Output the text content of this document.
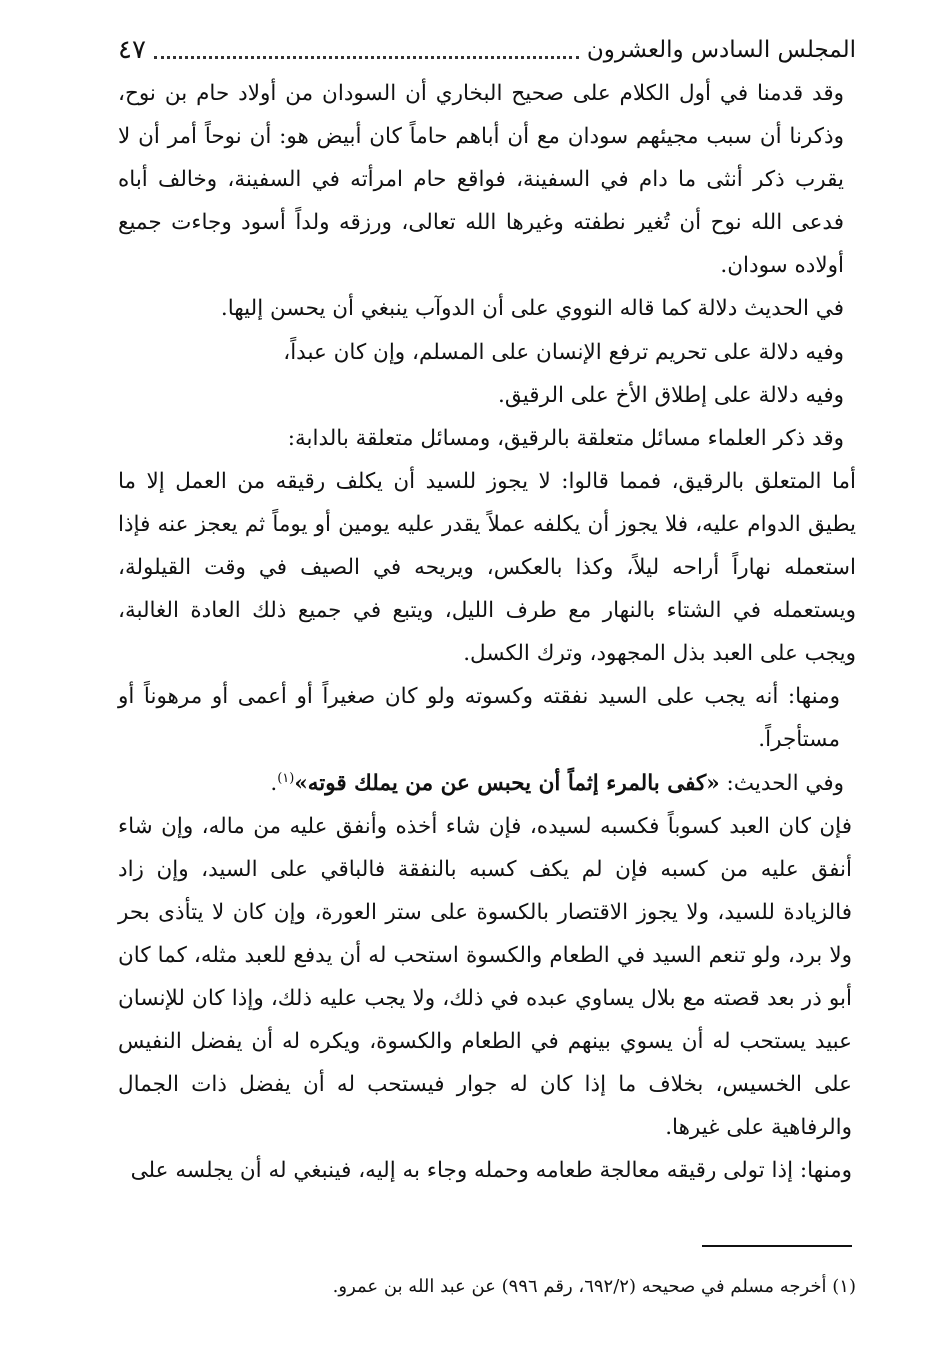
المجلس السادس والعشرون
٤٧

وقد قدمنا في أول الكلام على صحيح البخاري أن السودان من أولاد حام بن نوح، وذكرنا أن سبب مجيئهم سودان مع أن أباهم حاماً كان أبيض هو: أن نوحاً أمر أن لا يقرب ذكر أنثى ما دام في السفينة، فواقع حام امرأته في السفينة، وخالف أباه فدعى الله نوح أن تُغير نطفته وغيرها الله تعالى، ورزقه ولداً أسود وجاءت جميع أولاده سودان.

في الحديث دلالة كما قاله النووي على أن الدوآب ينبغي أن يحسن إليها.

وفيه دلالة على تحريم ترفع الإنسان على المسلم، وإن كان عبداً،

وفيه دلالة على إطلاق الأخ على الرقيق.

وقد ذكر العلماء مسائل متعلقة بالرقيق، ومسائل متعلقة بالدابة:

أما المتعلق بالرقيق، فمما قالوا: لا يجوز للسيد أن يكلف رقيقه من العمل إلا ما يطيق الدوام عليه، فلا يجوز أن يكلفه عملاً يقدر عليه يومين أو يوماً ثم يعجز عنه فإذا استعمله نهاراً أراحه ليلاً، وكذا بالعكس، ويريحه في الصيف في وقت القيلولة، ويستعمله في الشتاء بالنهار مع طرف الليل، ويتبع في جميع ذلك العادة الغالبة، ويجب على العبد بذل المجهود، وترك الكسل.

ومنها: أنه يجب على السيد نفقته وكسوته ولو كان صغيراً أو أعمى أو مرهوناً أو مستأجراً.

وفي الحديث: «كفى بالمرء إثماً أن يحبس عن من يملك قوته»$^{(١)}$.

فإن كان العبد كسوباً فكسبه لسيده، فإن شاء أخذه وأنفق عليه من ماله، وإن شاء أنفق عليه من كسبه فإن لم يكف كسبه بالنفقة فالباقي على السيد، وإن زاد فالزيادة للسيد، ولا يجوز الاقتصار بالكسوة على ستر العورة، وإن كان لا يتأذى بحر ولا برد، ولو تنعم السيد في الطعام والكسوة استحب له أن يدفع للعبد مثله، كما كان أبو ذر بعد قصته مع بلال يساوي عبده في ذلك، ولا يجب عليه ذلك، وإذا كان للإنسان عبيد يستحب له أن يسوي بينهم في الطعام والكسوة، ويكره له أن يفضل النفيس على الخسيس، بخلاف ما إذا كان له جوار فيستحب له أن يفضل ذات الجمال والرفاهية على غيرها.

ومنها: إذا تولى رقيقه معالجة طعامه وحمله وجاء به إليه، فينبغي له أن يجلسه على

(١) أخرجه مسلم في صحيحه (٦٩٢/٢، رقم ٩٩٦) عن عبد الله بن عمرو.
